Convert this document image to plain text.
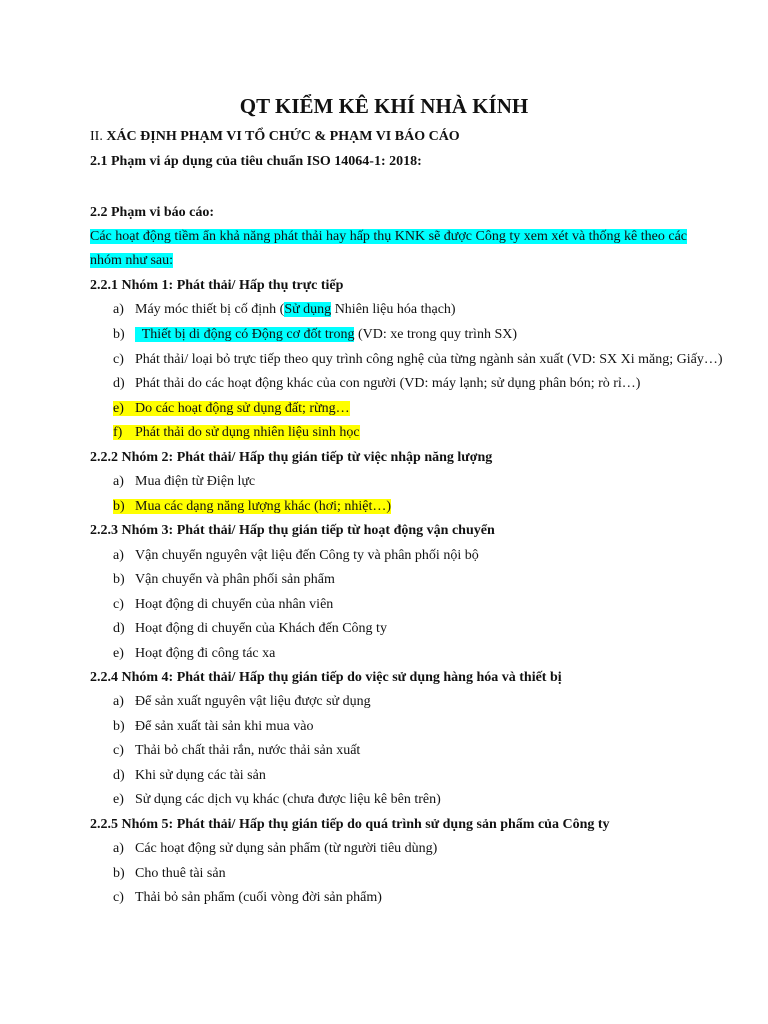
QT KIỂM KÊ KHÍ NHÀ KÍNH
II. XÁC ĐỊNH PHẠM VI TỔ CHỨC & PHẠM VI BÁO CÁO
2.1 Phạm vi áp dụng của tiêu chuẩn ISO 14064-1: 2018:
2.2 Phạm vi báo cáo:
Các hoạt động tiềm ẩn khả năng phát thải hay hấp thụ KNK sẽ được Công ty xem xét và thống kê theo các nhóm như sau:
2.2.1 Nhóm 1: Phát thải/ Hấp thụ trực tiếp
a) Máy móc thiết bị cố định (Sử dụng Nhiên liệu hóa thạch)
b)  Thiết bị di động có Động cơ đốt trong (VD: xe trong quy trình SX)
c) Phát thải/ loại bỏ trực tiếp theo quy trình công nghệ của từng ngành sản xuất (VD: SX Xi măng; Giấy…)
d) Phát thải do các hoạt động khác của con người (VD: máy lạnh; sử dụng phân bón; rò rỉ…)
e) Do các hoạt động sử dụng đất; rừng…
f) Phát thải do sử dụng nhiên liệu sinh học
2.2.2 Nhóm 2: Phát thải/ Hấp thụ gián tiếp từ việc nhập năng lượng
a) Mua điện từ Điện lực
b) Mua các dạng năng lượng khác (hơi; nhiệt…)
2.2.3 Nhóm 3: Phát thải/ Hấp thụ gián tiếp từ hoạt động vận chuyển
a) Vận chuyển nguyên vật liệu đến Công ty và phân phối nội bộ
b) Vận chuyển và phân phối sản phẩm
c) Hoạt động di chuyển của nhân viên
d) Hoạt động di chuyển của Khách đến Công ty
e) Hoạt động đi công tác xa
2.2.4 Nhóm 4: Phát thải/ Hấp thụ gián tiếp do việc sử dụng hàng hóa và thiết bị
a) Để sản xuất nguyên vật liệu được sử dụng
b) Để sản xuất tài sản khi mua vào
c) Thải bỏ chất thải rắn, nước thải sản xuất
d) Khi sử dụng các tài sản
e) Sử dụng các dịch vụ khác (chưa được liệu kê bên trên)
2.2.5 Nhóm 5: Phát thải/ Hấp thụ gián tiếp do quá trình sử dụng sản phẩm của Công ty
a) Các hoạt động sử dụng sản phẩm (từ người tiêu dùng)
b) Cho thuê tài sản
c) Thải bỏ sản phẩm (cuối vòng đời sản phẩm)
